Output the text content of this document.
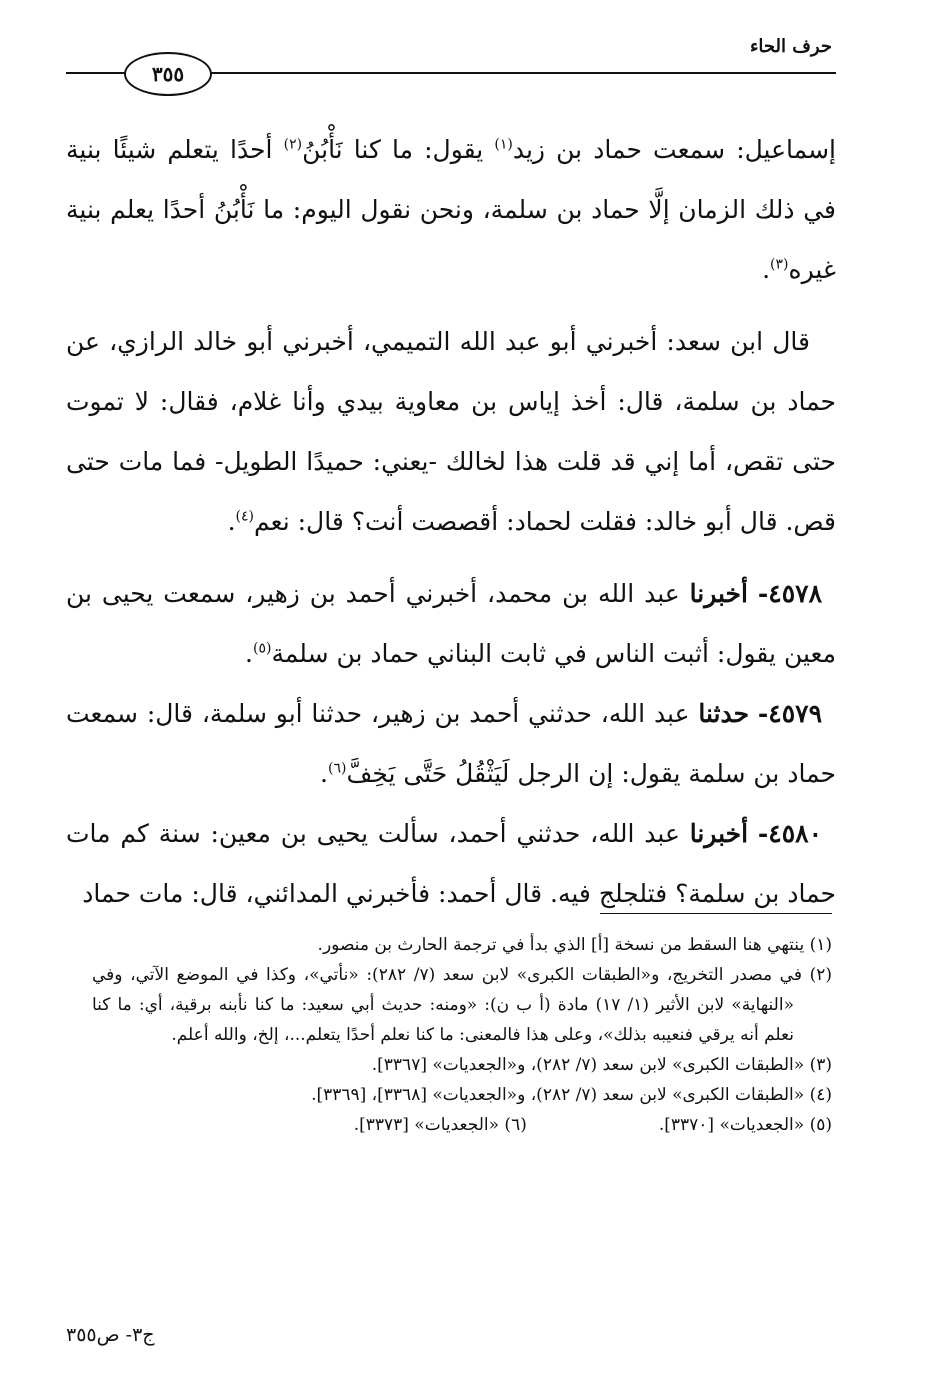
حرف الحاء
٣٥٥

إسماعيل: سمعت حماد بن زيد$^{(١)}$ يقول: ما كنا نَأْبُنُ$^{(٢)}$ أحدًا يتعلم شيئًا بنية في ذلك الزمان إلَّا حماد بن سلمة، ونحن نقول اليوم: ما نَأْبُنُ أحدًا يعلم بنية غيره$^{(٣)}$.

قال ابن سعد: أخبرني أبو عبد الله التميمي، أخبرني أبو خالد الرازي، عن حماد بن سلمة، قال: أخذ إياس بن معاوية بيدي وأنا غلام، فقال: لا تموت حتى تقص، أما إني قد قلت هذا لخالك -يعني: حميدًا الطويل- فما مات حتى قص. قال أبو خالد: فقلت لحماد: أقصصت أنت؟ قال: نعم$^{(٤)}$.

٤٥٧٨- أخبرنا عبد الله بن محمد، أخبرني أحمد بن زهير، سمعت يحيى بن معين يقول: أثبت الناس في ثابت البناني حماد بن سلمة$^{(٥)}$.

٤٥٧٩- حدثنا عبد الله، حدثني أحمد بن زهير، حدثنا أبو سلمة، قال: سمعت حماد بن سلمة يقول: إن الرجل لَيَثْقُلُ حَتَّى يَخِفَّ$^{(٦)}$.

٤٥٨٠- أخبرنا عبد الله، حدثني أحمد، سألت يحيى بن معين: سنة كم مات حماد بن سلمة؟ فتلجلج فيه. قال أحمد: فأخبرني المدائني، قال: مات حماد

(١) ينتهي هنا السقط من نسخة [أ] الذي بدأ في ترجمة الحارث بن منصور.

(٢) في مصدر التخريج، و«الطبقات الكبرى» لابن سعد (٧/ ٢٨٢): «نأتي»، وكذا في الموضع الآتي، وفي «النهاية» لابن الأثير (١/ ١٧) مادة (أ ب ن): «ومنه: حديث أبي سعيد: ما كنا نأبنه برقية، أي: ما كنا نعلم أنه يرقي فنعيبه بذلك»، وعلى هذا فالمعنى: ما كنا نعلم أحدًا يتعلم...، إلخ، والله أعلم.

(٣) «الطبقات الكبرى» لابن سعد (٧/ ٢٨٢)، و«الجعديات» [٣٣٦٧].

(٤) «الطبقات الكبرى» لابن سعد (٧/ ٢٨٢)، و«الجعديات» [٣٣٦٨]، [٣٣٦٩].

(٥) «الجعديات» [٣٣٧٠].
(٦) «الجعديات» [٣٣٧٣].
ج٣- ص٣٥٥
